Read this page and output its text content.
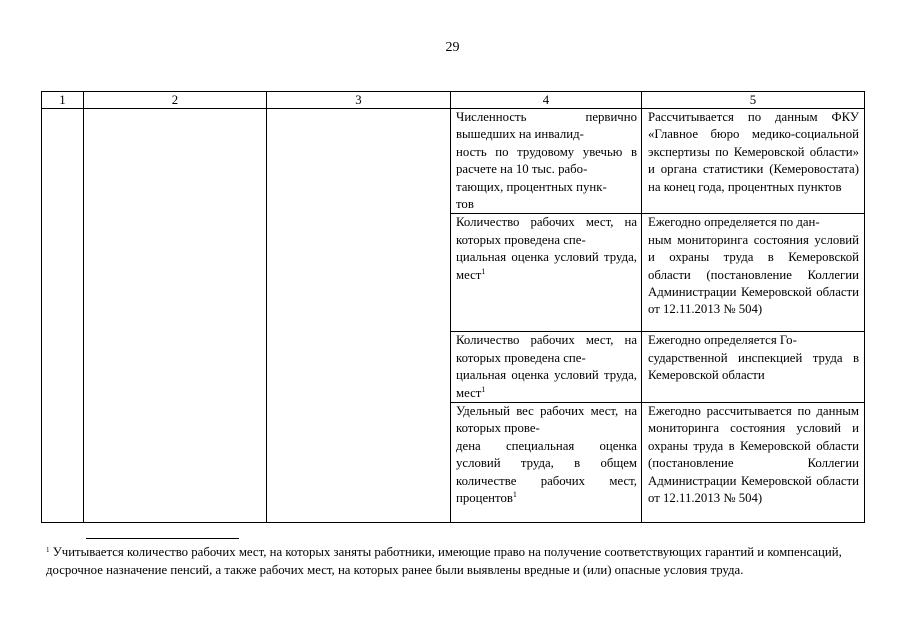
29
1	2	3	4	5

			Численность первично вышедших на инвалид-
ность по трудовому увечью в расчете на 10 тыс. рабо-
тающих, процентных пунк-
тов	Рассчитывается по данным ФКУ «Главное бюро медико-социальной экспертизы по Кемеровской области» и органа статистики (Кемеровостата) на конец года, процентных пунктов

			Количество рабочих мест, на которых проведена спе-
циальная оценка условий труда, мест$^1$	Ежегодно определяется по дан-
ным мониторинга состояния условий и охраны труда в Кемеровской области (постановление Коллегии Администрации Кемеровской области от 12.11.2013 № 504)

			Количество рабочих мест, на которых проведена спе-
циальная оценка условий труда, мест$^1$	Ежегодно определяется Го-
сударственной инспекцией труда в Кемеровской области

			Удельный вес рабочих мест, на которых прове-
дена специальная оценка условий труда, в общем количестве рабочих мест, процентов$^1$	Ежегодно рассчитывается по данным мониторинга состояния условий и охраны труда в Кемеровской области (постановление Коллегии Администрации Кемеровской области от 12.11.2013 № 504)
$^1$ Учитывается количество рабочих мест, на которых заняты работники, имеющие право на получение соответствующих гарантий и компенсаций, досрочное назначение пенсий, а также рабочих мест, на которых ранее были выявлены вредные и (или) опасные условия труда.
